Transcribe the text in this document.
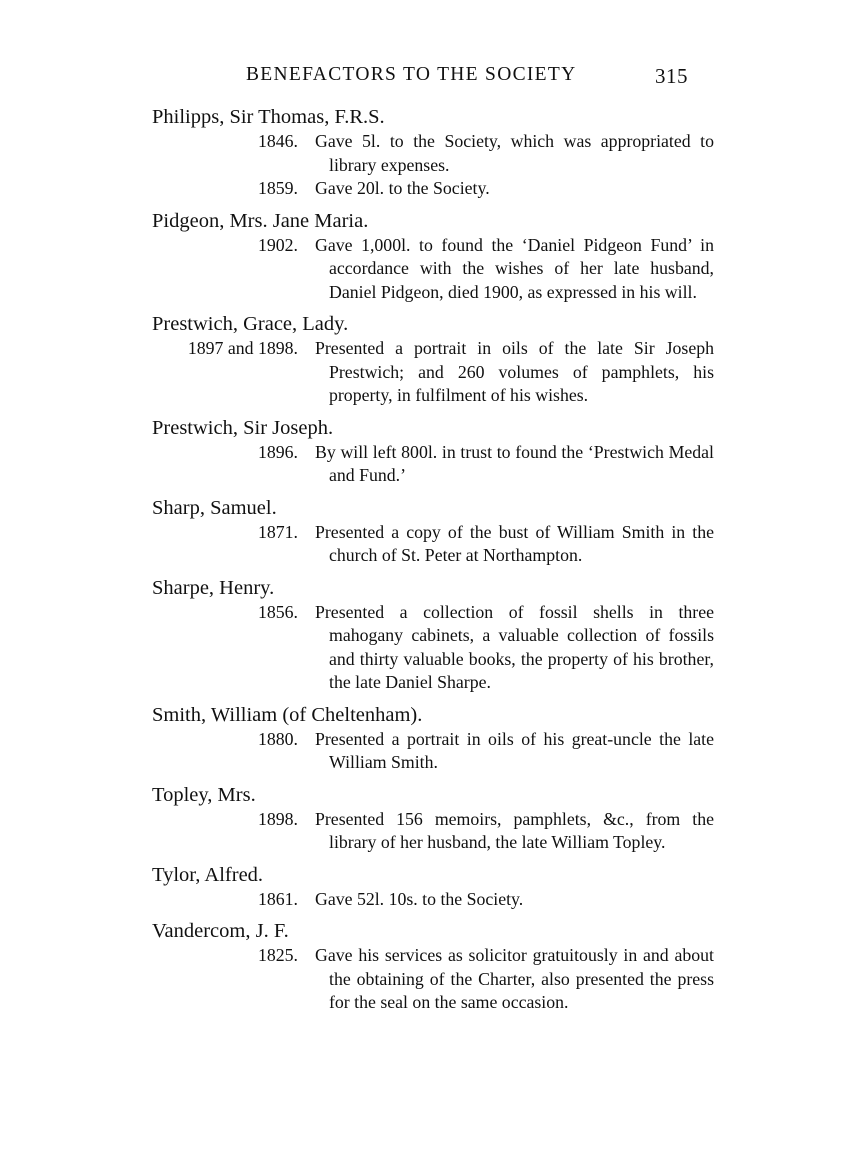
BENEFACTORS TO THE SOCIETY	315
Philipps, Sir Thomas, F.R.S.
1846. Gave 5l. to the Society, which was appropriated to library expenses.
1859. Gave 20l. to the Society.
Pidgeon, Mrs. Jane Maria.
1902. Gave 1,000l. to found the ‘Daniel Pidgeon Fund’ in accordance with the wishes of her late husband, Daniel Pidgeon, died 1900, as expressed in his will.
Prestwich, Grace, Lady.
1897 and 1898. Presented a portrait in oils of the late Sir Joseph Prestwich; and 260 volumes of pamphlets, his property, in fulfilment of his wishes.
Prestwich, Sir Joseph.
1896. By will left 800l. in trust to found the ‘Prestwich Medal and Fund.’
Sharp, Samuel.
1871. Presented a copy of the bust of William Smith in the church of St. Peter at Northampton.
Sharpe, Henry.
1856. Presented a collection of fossil shells in three mahogany cabinets, a valuable collection of fossils and thirty valuable books, the property of his brother, the late Daniel Sharpe.
Smith, William (of Cheltenham).
1880. Presented a portrait in oils of his great-uncle the late William Smith.
Topley, Mrs.
1898. Presented 156 memoirs, pamphlets, &c., from the library of her husband, the late William Topley.
Tylor, Alfred.
1861. Gave 52l. 10s. to the Society.
Vandercom, J. F.
1825. Gave his services as solicitor gratuitously in and about the obtaining of the Charter, also presented the press for the seal on the same occasion.
